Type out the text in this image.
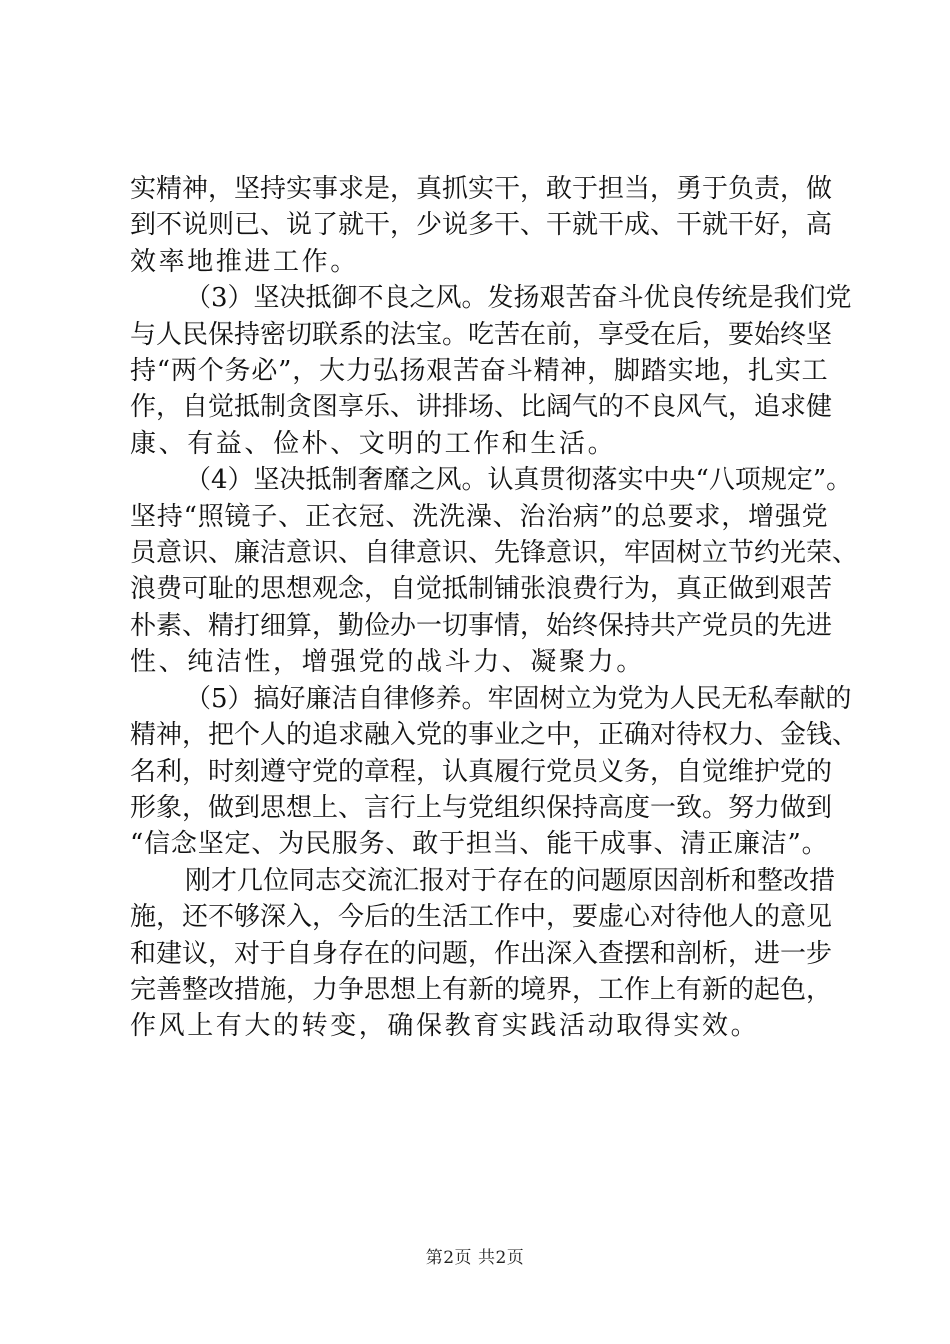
实精神，坚持实事求是，真抓实干，敢于担当，勇于负责，做
到不说则已、说了就干，少说多干、干就干成、干就干好，高
效率地推进工作。

（3）坚决抵御不良之风。发扬艰苦奋斗优良传统是我们党
与人民保持密切联系的法宝。吃苦在前，享受在后，要始终坚
持“两个务必”，大力弘扬艰苦奋斗精神，脚踏实地，扎实工
作，自觉抵制贪图享乐、讲排场、比阔气的不良风气，追求健
康、有益、俭朴、文明的工作和生活。

（4）坚决抵制奢靡之风。认真贯彻落实中央“八项规定”。
坚持“照镜子、正衣冠、洗洗澡、治治病”的总要求，增强党
员意识、廉洁意识、自律意识、先锋意识，牢固树立节约光荣、
浪费可耻的思想观念，自觉抵制铺张浪费行为，真正做到艰苦
朴素、精打细算，勤俭办一切事情，始终保持共产党员的先进
性、纯洁性，增强党的战斗力、凝聚力。

（5）搞好廉洁自律修养。牢固树立为党为人民无私奉献的
精神，把个人的追求融入党的事业之中，正确对待权力、金钱、
名利，时刻遵守党的章程，认真履行党员义务，自觉维护党的
形象，做到思想上、言行上与党组织保持高度一致。努力做到
“信念坚定、为民服务、敢于担当、能干成事、清正廉洁”。

刚才几位同志交流汇报对于存在的问题原因剖析和整改措
施，还不够深入，今后的生活工作中，要虚心对待他人的意见
和建议，对于自身存在的问题，作出深入查摆和剖析，进一步
完善整改措施，力争思想上有新的境界，工作上有新的起色，
作风上有大的转变，确保教育实践活动取得实效。

第2页 共2页
